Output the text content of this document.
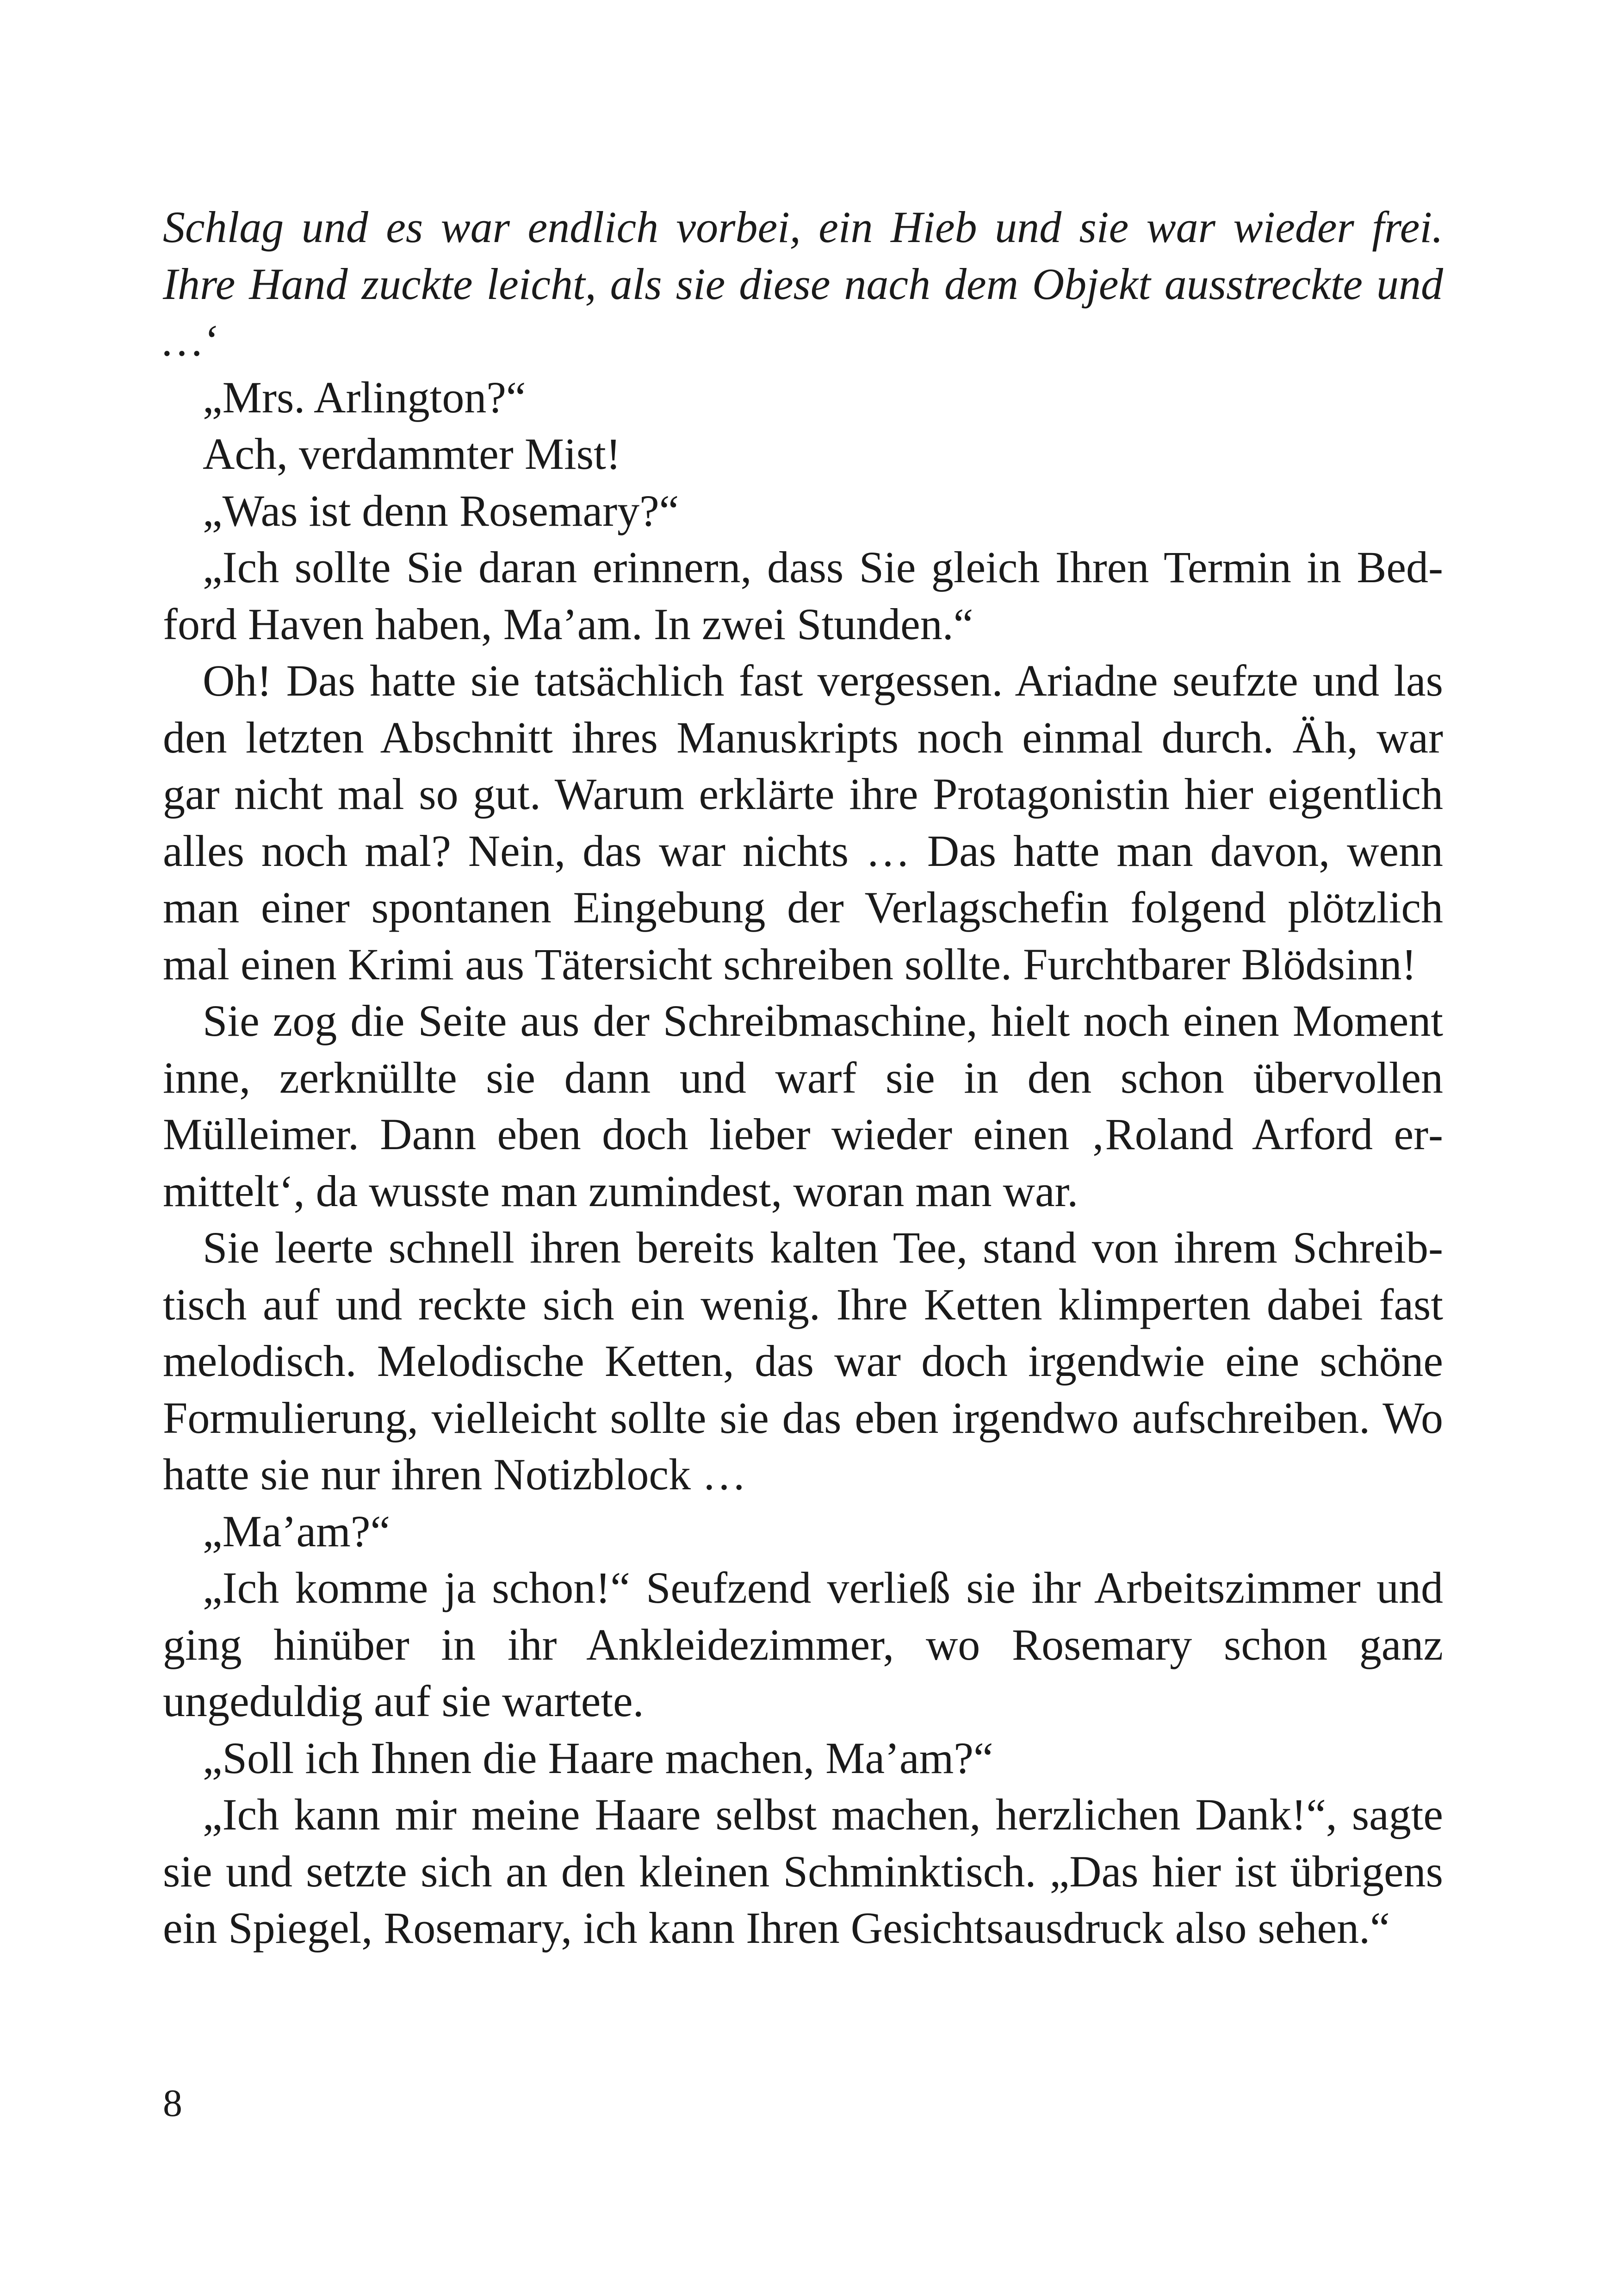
Schlag und es war endlich vorbei, ein Hieb und sie war wieder frei. Ihre Hand zuckte leicht, als sie diese nach dem Objekt ausstreckte und …‘

„Mrs. Arlington?“

Ach, verdammter Mist!

„Was ist denn Rosemary?“

„Ich sollte Sie daran erinnern, dass Sie gleich Ihren Termin in Bedford Haven haben, Ma’am. In zwei Stunden.“

Oh! Das hatte sie tatsächlich fast vergessen. Ariadne seufzte und las den letzten Abschnitt ihres Manuskripts noch einmal durch. Äh, war gar nicht mal so gut. Warum erklärte ihre Protagonistin hier eigentlich alles noch mal? Nein, das war nichts … Das hatte man davon, wenn man einer spontanen Eingebung der Verlagschefin folgend plötzlich mal einen Krimi aus Tätersicht schreiben sollte. Furchtbarer Blödsinn!

Sie zog die Seite aus der Schreibmaschine, hielt noch einen Moment inne, zerknüllte sie dann und warf sie in den schon übervollen Mülleimer. Dann eben doch lieber wieder einen ‚Roland Arford ermittelt‘, da wusste man zumindest, woran man war.

Sie leerte schnell ihren bereits kalten Tee, stand von ihrem Schreibtisch auf und reckte sich ein wenig. Ihre Ketten klimperten dabei fast melodisch. Melodische Ketten, das war doch irgendwie eine schöne Formulierung, vielleicht sollte sie das eben irgendwo aufschreiben. Wo hatte sie nur ihren Notizblock …

„Ma’am?“

„Ich komme ja schon!“ Seufzend verließ sie ihr Arbeitszimmer und ging hinüber in ihr Ankleidezimmer, wo Rosemary schon ganz ungeduldig auf sie wartete.

„Soll ich Ihnen die Haare machen, Ma’am?“

„Ich kann mir meine Haare selbst machen, herzlichen Dank!“, sagte sie und setzte sich an den kleinen Schminktisch. „Das hier ist übrigens ein Spiegel, Rosemary, ich kann Ihren Gesichtsausdruck also sehen.“

8
